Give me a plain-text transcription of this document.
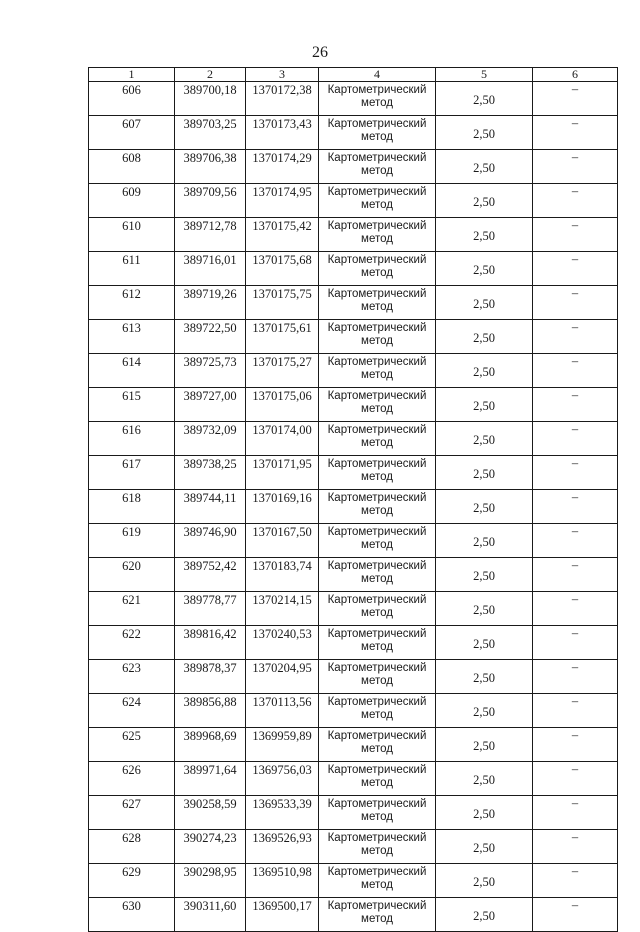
26
1	2	3	4	5	6
606	389700,18	1370172,38	Картометрический метод	2,50	–
607	389703,25	1370173,43	Картометрический метод	2,50	–
608	389706,38	1370174,29	Картометрический метод	2,50	–
609	389709,56	1370174,95	Картометрический метод	2,50	–
610	389712,78	1370175,42	Картометрический метод	2,50	–
611	389716,01	1370175,68	Картометрический метод	2,50	–
612	389719,26	1370175,75	Картометрический метод	2,50	–
613	389722,50	1370175,61	Картометрический метод	2,50	–
614	389725,73	1370175,27	Картометрический метод	2,50	–
615	389727,00	1370175,06	Картометрический метод	2,50	–
616	389732,09	1370174,00	Картометрический метод	2,50	–
617	389738,25	1370171,95	Картометрический метод	2,50	–
618	389744,11	1370169,16	Картометрический метод	2,50	–
619	389746,90	1370167,50	Картометрический метод	2,50	–
620	389752,42	1370183,74	Картометрический метод	2,50	–
621	389778,77	1370214,15	Картометрический метод	2,50	–
622	389816,42	1370240,53	Картометрический метод	2,50	–
623	389878,37	1370204,95	Картометрический метод	2,50	–
624	389856,88	1370113,56	Картометрический метод	2,50	–
625	389968,69	1369959,89	Картометрический метод	2,50	–
626	389971,64	1369756,03	Картометрический метод	2,50	–
627	390258,59	1369533,39	Картометрический метод	2,50	–
628	390274,23	1369526,93	Картометрический метод	2,50	–
629	390298,95	1369510,98	Картометрический метод	2,50	–
630	390311,60	1369500,17	Картометрический метод	2,50	–
